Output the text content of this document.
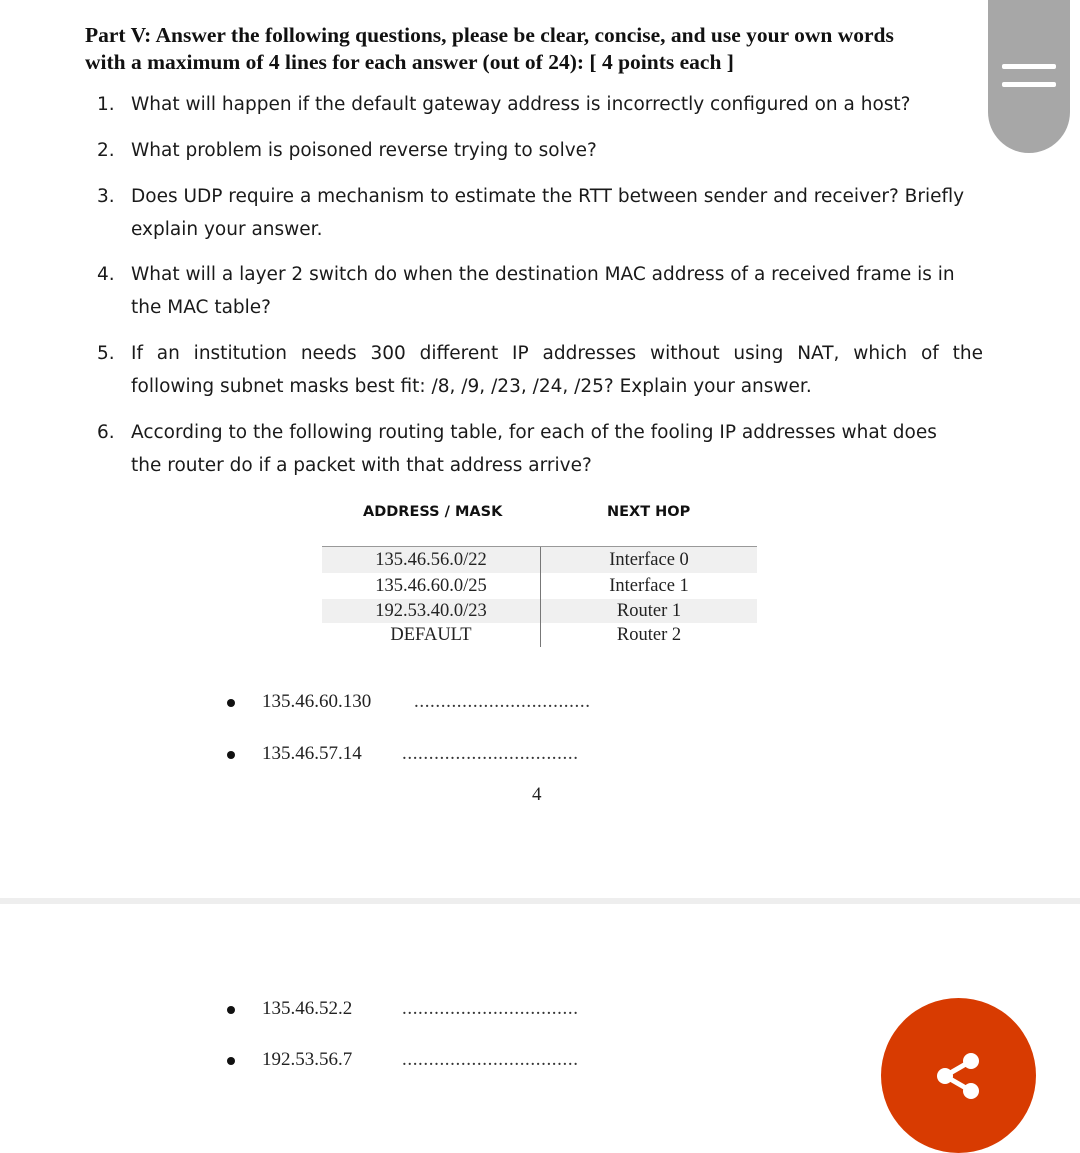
Part V: Answer the following questions, please be clear, concise, and use your own words
with a maximum of 4 lines for each answer (out of 24): [ 4 points each ]
1. What will happen if the default gateway address is incorrectly configured on a host?
2. What problem is poisoned reverse trying to solve?
3. Does UDP require a mechanism to estimate the RTT between sender and receiver? Briefly
explain your answer.
4. What will a layer 2 switch do when the destination MAC address of a received frame is in
the MAC table?
5. If an institution needs 300 different IP addresses without using NAT, which of the
following subnet masks best fit: /8, /9, /23, /24, /25? Explain your answer.
6. According to the following routing table, for each of the fooling IP addresses what does
the router do if a packet with that address arrive?
ADDRESS / MASK	NEXT HOP
135.46.56.0/22	Interface 0
135.46.60.0/25	Interface 1
192.53.40.0/23	Router 1
DEFAULT	Router 2
135.46.60.130 .................................
135.46.57.14 .................................
4
135.46.52.2	.................................
192.53.56.7	.................................
